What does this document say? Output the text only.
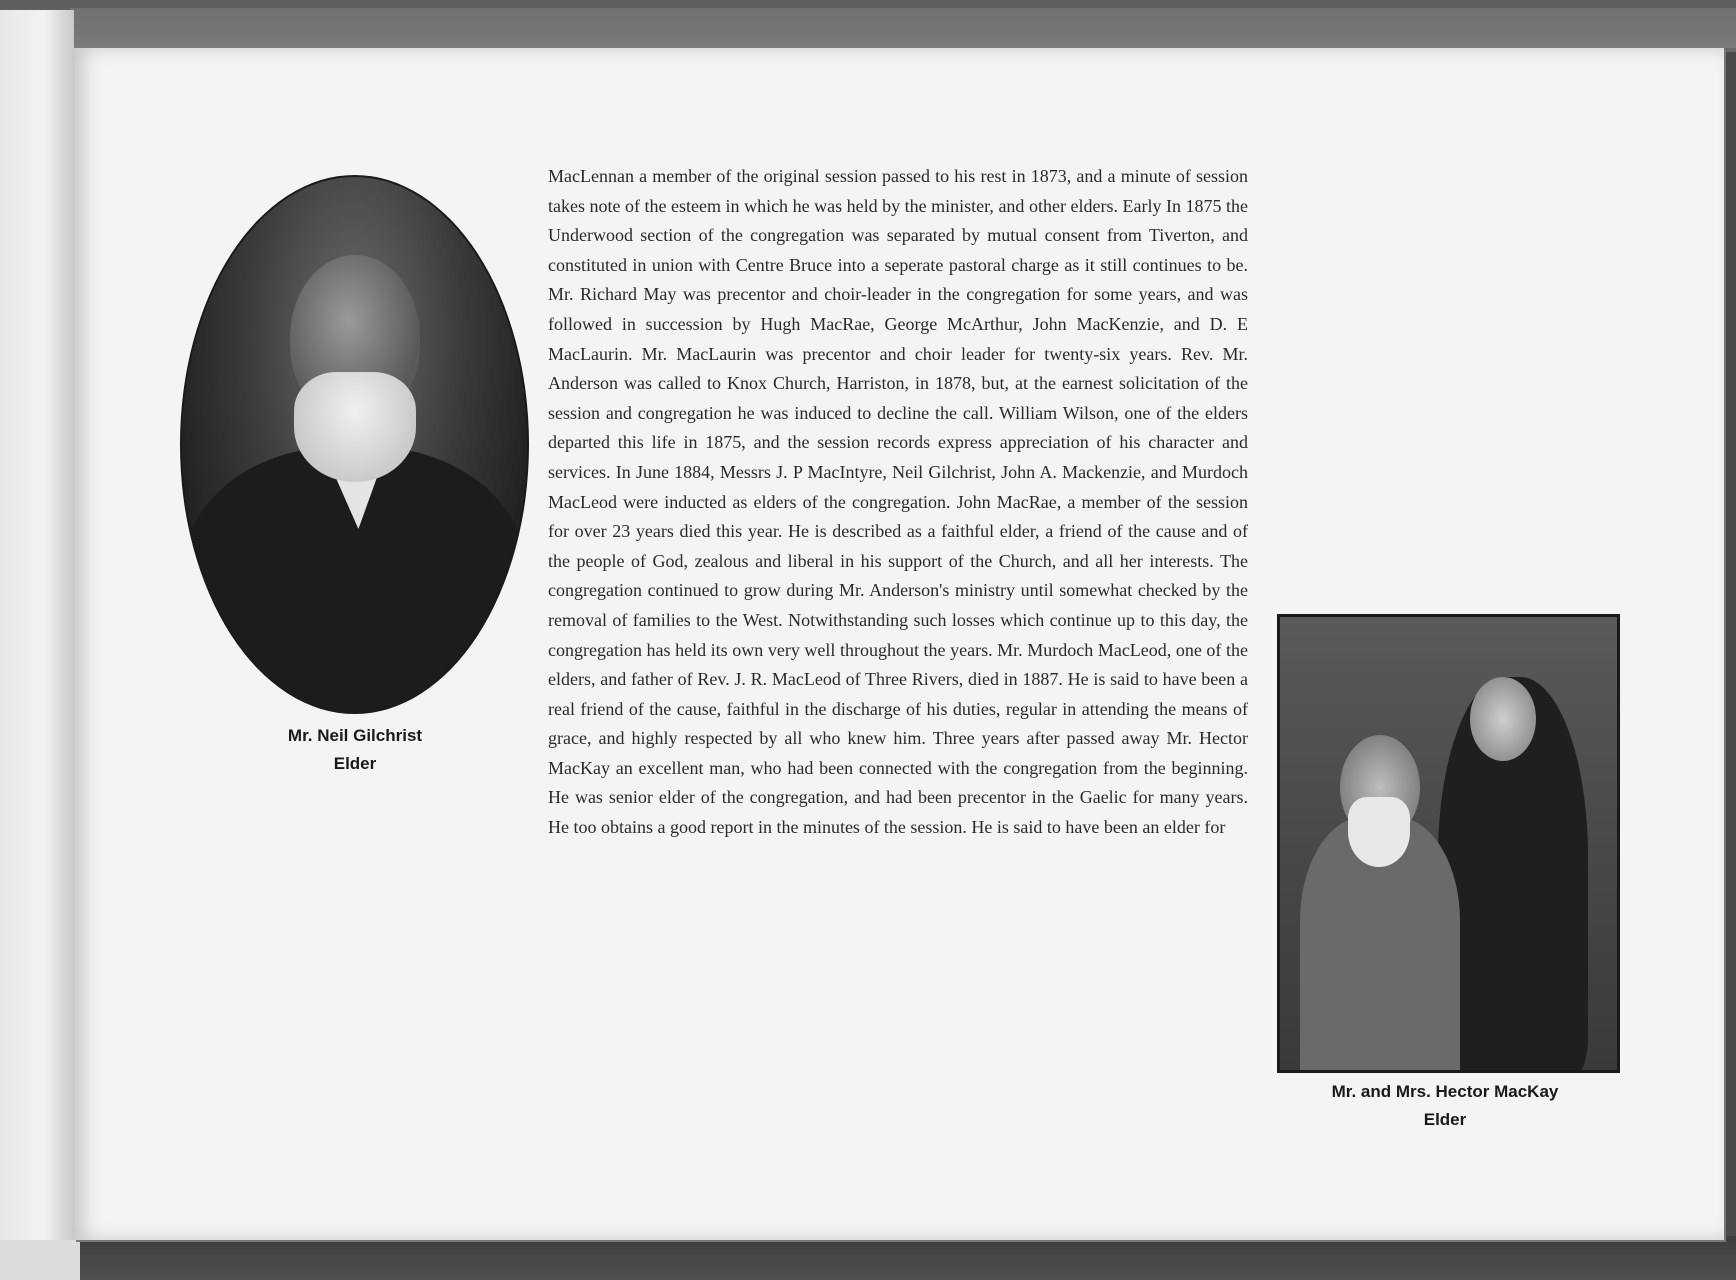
Mr. Neil Gilchrist
Elder
MacLennan a member of the original session passed to his rest in 1873, and a minute of session takes note of the esteem in which he was held by the minister, and other elders. Early In 1875 the Underwood section of the congregation was separated by mutual consent from Tiverton, and constituted in union with Centre Bruce into a seperate pastoral charge as it still continues to be. Mr. Richard May was precentor and choir-leader in the congregation for some years, and was followed in succession by Hugh MacRae, George McArthur, John MacKenzie, and D. E MacLaurin. Mr. MacLaurin was precentor and choir leader for twenty-six years. Rev. Mr. Anderson was called to Knox Church, Harriston, in 1878, but, at the earnest solicitation of the session and congregation he was induced to decline the call. William Wilson, one of the elders departed this life in 1875, and the session records express appreciation of his character and services. In June 1884, Messrs J. P MacIntyre, Neil Gilchrist, John A. Mackenzie, and Murdoch MacLeod were inducted as elders of the congregation. John MacRae, a member of the session for over 23 years died this year. He is described as a faithful elder, a friend of the cause and of the people of God, zealous and liberal in his support of the Church, and all her interests. The congregation continued to grow during Mr. Anderson's ministry until somewhat checked by the removal of families to the West. Notwithstanding such losses which continue up to this day, the congregation has held its own very well throughout the years. Mr. Murdoch MacLeod, one of the elders, and father of Rev. J. R. MacLeod of Three Rivers, died in 1887. He is said to have been a real friend of the cause, faithful in the discharge of his duties, regular in attending the means of grace, and highly respected by all who knew him. Three years after passed away Mr. Hector MacKay an excellent man, who had been connected with the congregation from the beginning. He was senior elder of the congregation, and had been precentor in the Gaelic for many years. He too obtains a good report in the minutes of the session. He is said to have been an elder for
Mr. and Mrs. Hector MacKay
Elder
